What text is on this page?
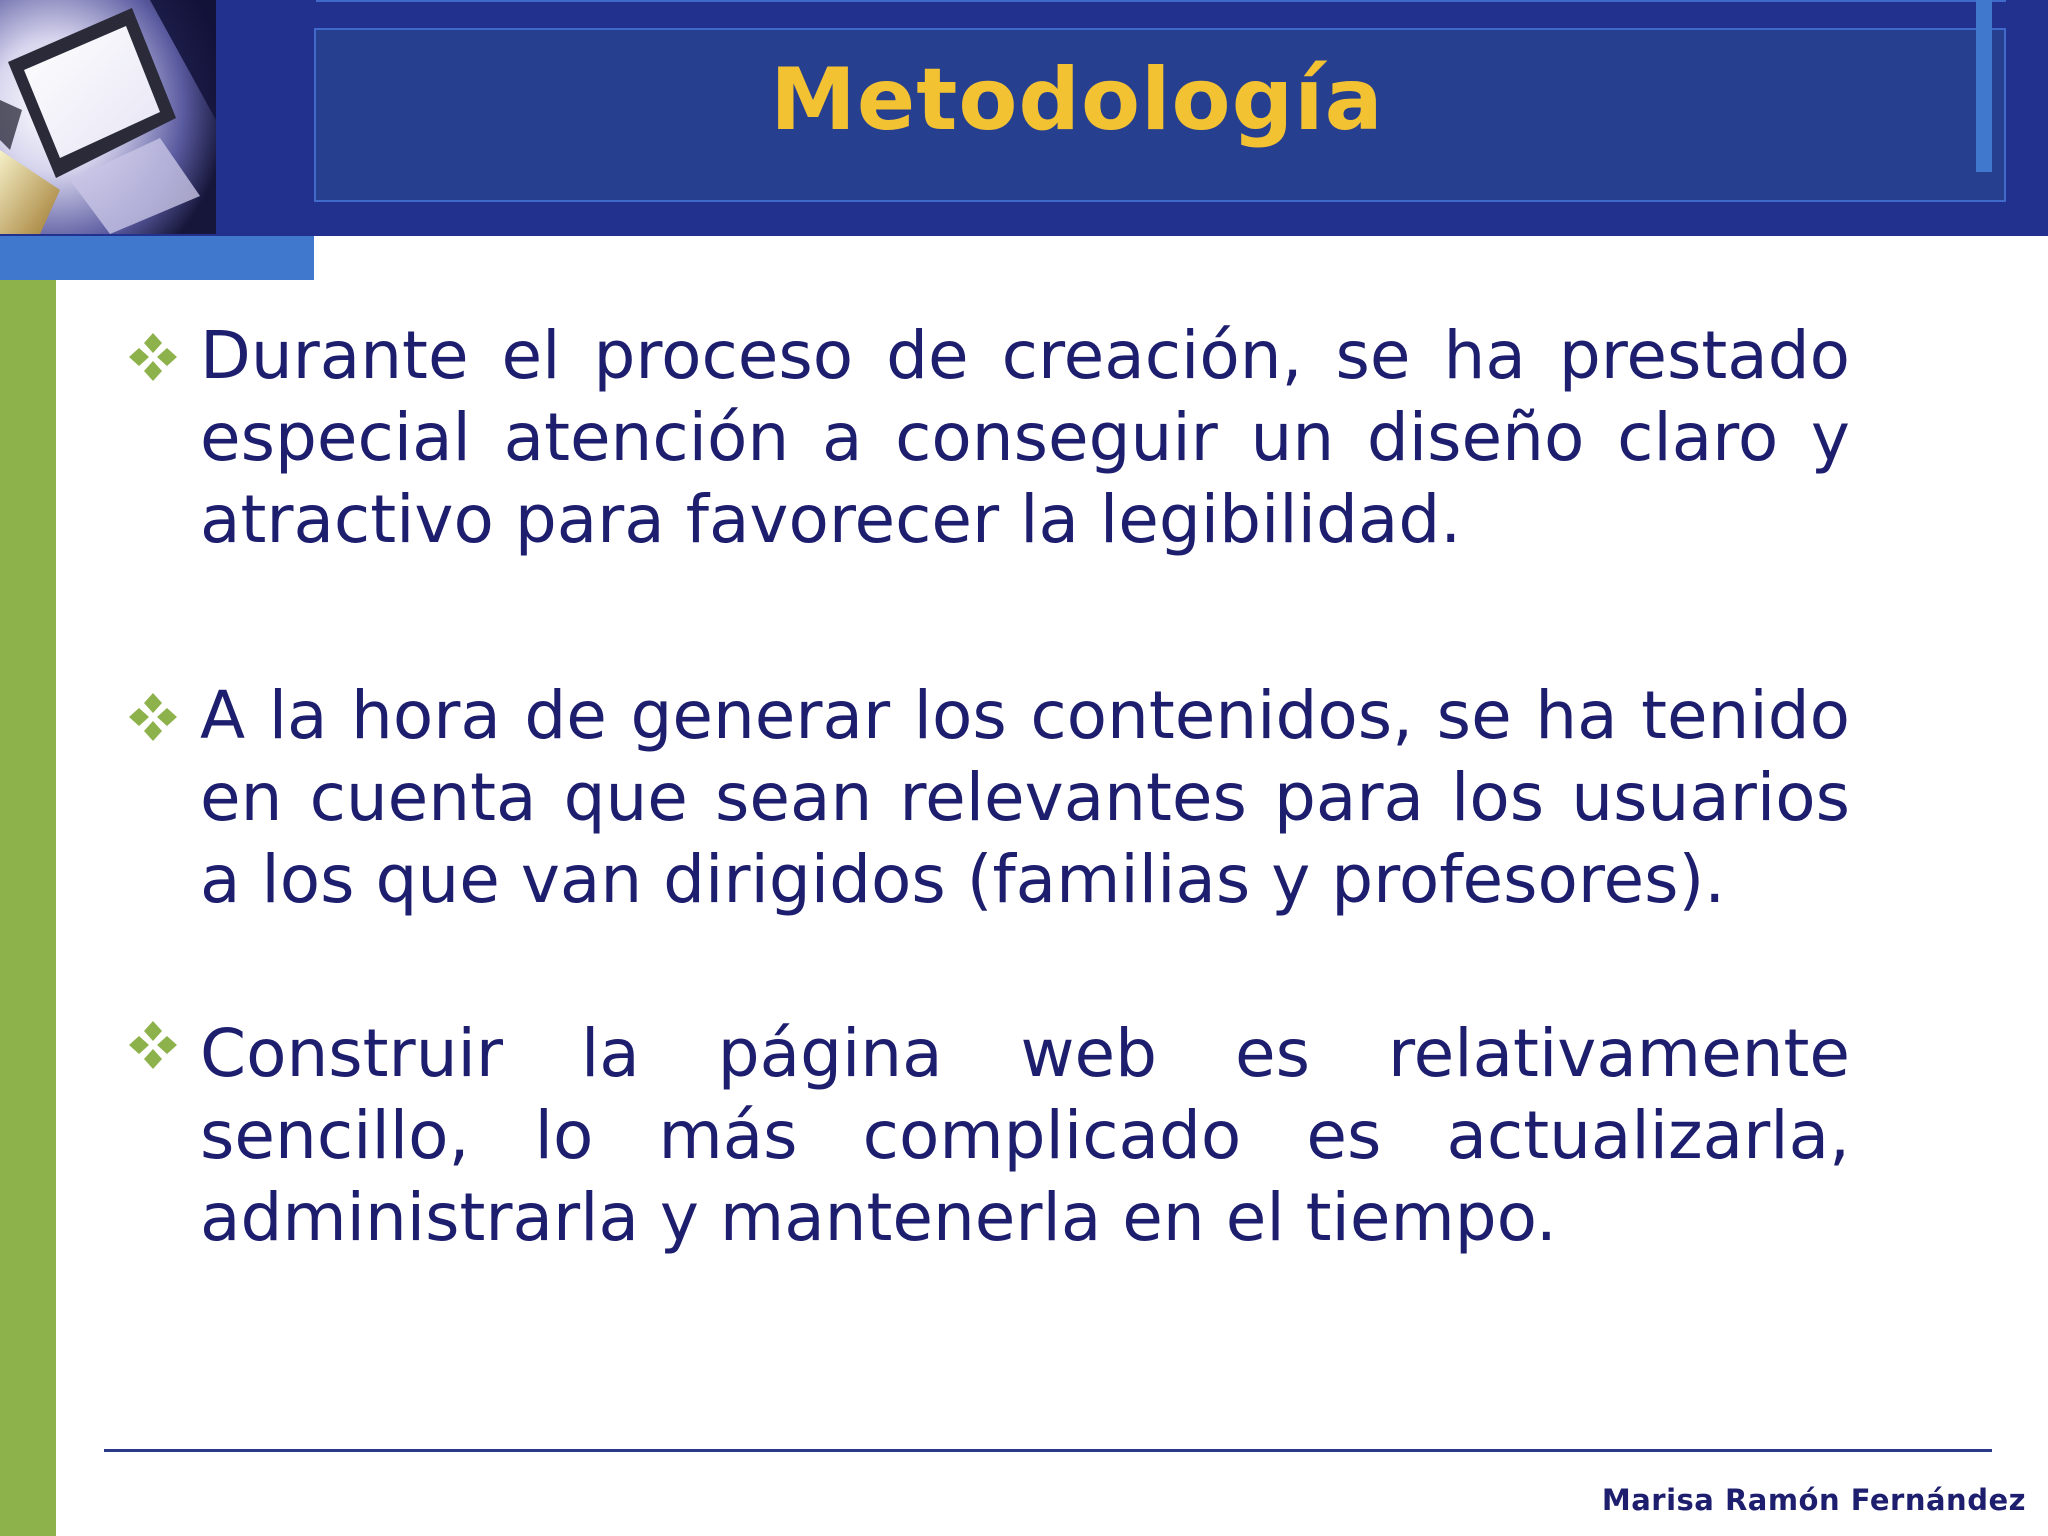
Metodología

Durante el proceso de creación, se ha prestado especial atención a conseguir un diseño claro y atractivo para favorecer la legibilidad.

A la hora de generar los contenidos, se ha tenido en cuenta que sean relevantes para los usuarios a los que van dirigidos (familias y profesores).

Construir la página web es relativamente sencillo, lo más complicado es actualizarla, administrarla y mantenerla en el tiempo.

Marisa Ramón Fernández
